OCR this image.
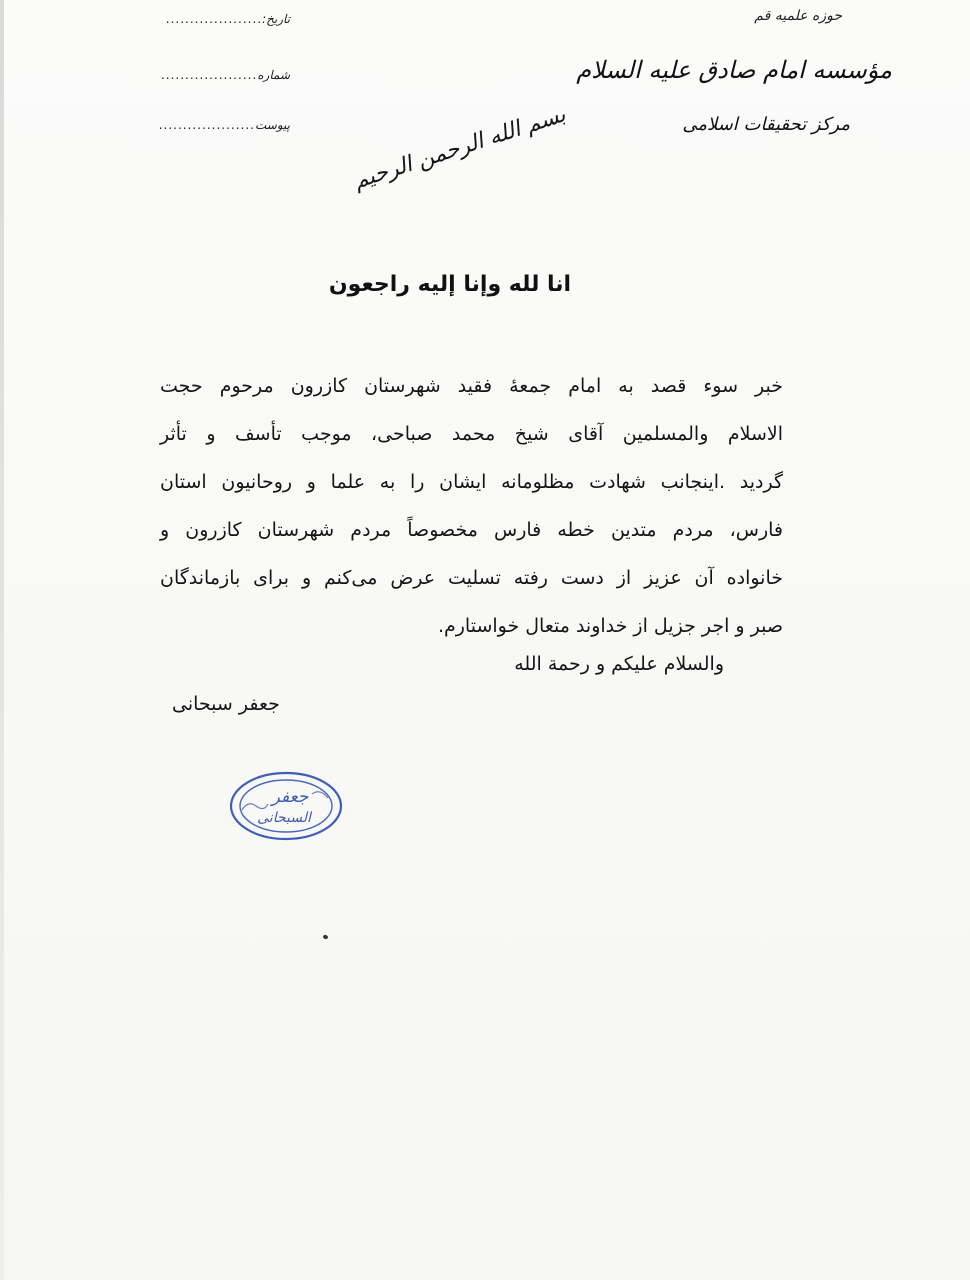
حوزه علمیه قم
مؤسسه امام صادق علیه السلام
مرکز تحقیقات اسلامی
تاریخ:
....................
شماره
....................
پیوست
....................	بسم الله الرحمن الرحیم
انا لله وإنا إليه راجعون
خبر سوء قصد به امام جمعهٔ فقید شهرستان کازرون مرحوم حجت
الاسلام والمسلمین آقای شیخ محمد صباحی، موجب تأسف و تأثر
گردید .اینجانب شهادت مظلومانه ایشان را به علما و روحانیون استان
فارس، مردم متدین خطه فارس مخصوصاً مردم شهرستان کازرون و
خانواده آن عزیز از دست رفته تسلیت عرض می‌کنم و برای بازماندگان
صبر و اجر جزیل از خداوند متعال خواستارم.
والسلام علیکم و رحمة الله
جعفر سبحانی
جعفر
السبحانی
